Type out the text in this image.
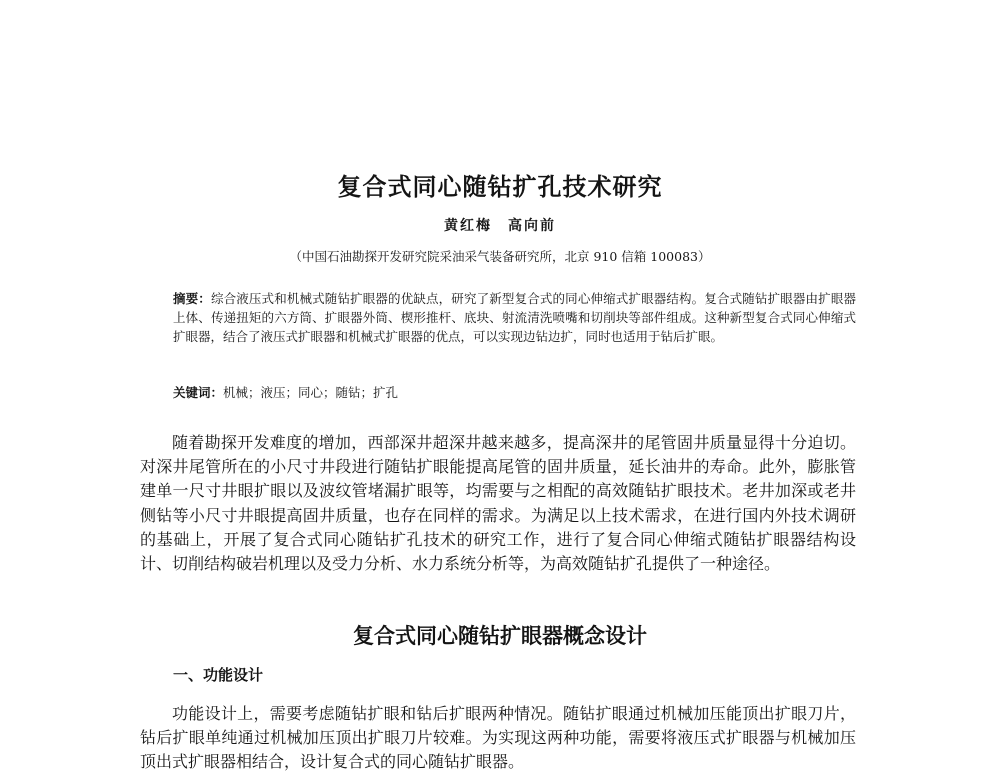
复合式同心随钻扩孔技术研究
黄红梅　高向前
（中国石油勘探开发研究院采油采气装备研究所，北京 910 信箱 100083）

摘要：综合液压式和机械式随钻扩眼器的优缺点，研究了新型复合式的同心伸缩式扩眼器结构。复合式随钻扩眼器由扩眼器上体、传递扭矩的六方筒、扩眼器外筒、楔形推杆、底块、射流清洗喷嘴和切削块等部件组成。这种新型复合式同心伸缩式扩眼器，结合了液压式扩眼器和机械式扩眼器的优点，可以实现边钻边扩，同时也适用于钻后扩眼。

关键词：机械；液压；同心；随钻；扩孔

随着勘探开发难度的增加，西部深井超深井越来越多，提高深井的尾管固井质量显得十分迫切。对深井尾管所在的小尺寸井段进行随钻扩眼能提高尾管的固井质量，延长油井的寿命。此外，膨胀管建单一尺寸井眼扩眼以及波纹管堵漏扩眼等，均需要与之相配的高效随钻扩眼技术。老井加深或老井侧钻等小尺寸井眼提高固井质量，也存在同样的需求。为满足以上技术需求，在进行国内外技术调研的基础上，开展了复合式同心随钻扩孔技术的研究工作，进行了复合同心伸缩式随钻扩眼器结构设计、切削结构破岩机理以及受力分析、水力系统分析等，为高效随钻扩孔提供了一种途径。

复合式同心随钻扩眼器概念设计
一、功能设计

功能设计上，需要考虑随钻扩眼和钻后扩眼两种情况。随钻扩眼通过机械加压能顶出扩眼刀片，钻后扩眼单纯通过机械加压顶出扩眼刀片较难。为实现这两种功能，需要将液压式扩眼器与机械加压顶出式扩眼器相结合，设计复合式的同心随钻扩眼器。
